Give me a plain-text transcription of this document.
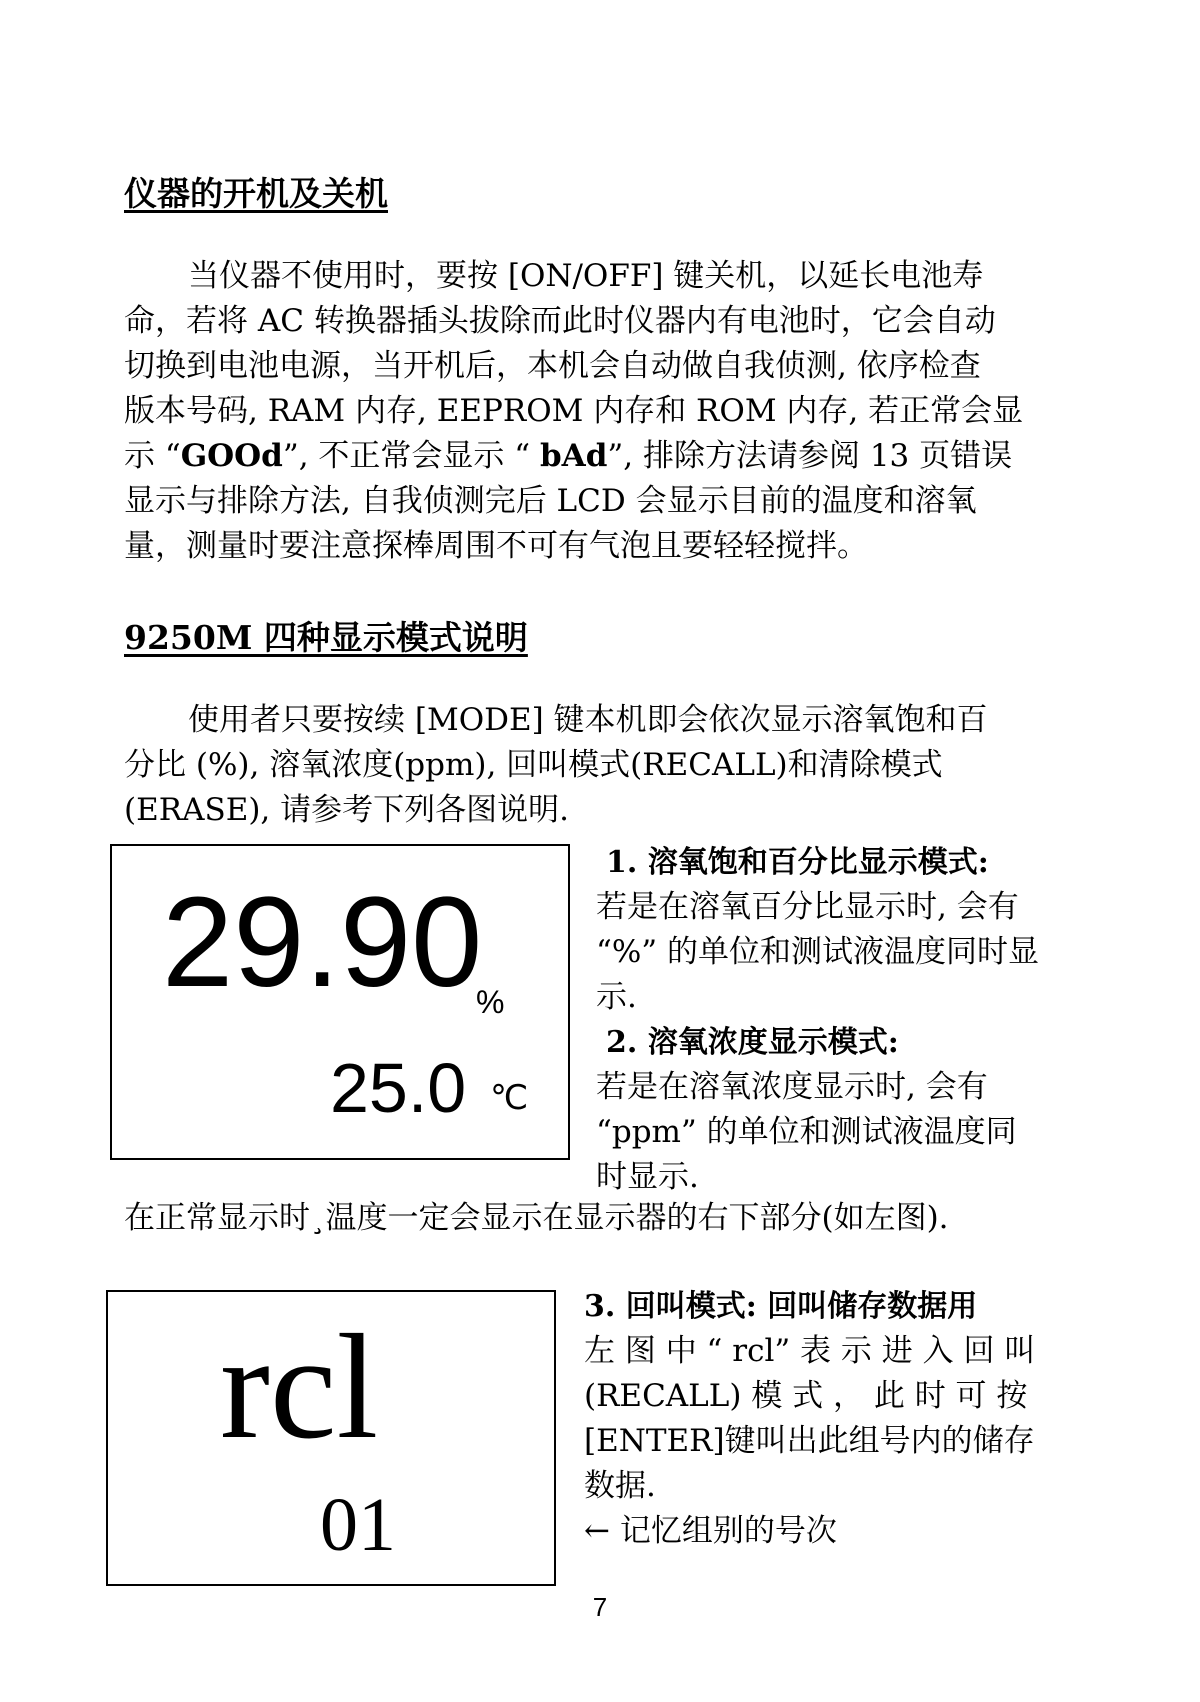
仪器的开机及关机
当仪器不使用时，要按 [ON/OFF] 键关机，以延长电池寿
命，若将 AC 转换器插头拔除而此时仪器内有电池时，它会自动
切换到电池电源，当开机后，本机会自动做自我侦测, 依序检查
版本号码, RAM 内存, EEPROM 内存和 ROM 内存, 若正常会显
示 “GOOd”, 不正常会显示 “ bAd”, 排除方法请参阅 13 页错误
显示与排除方法, 自我侦测完后 LCD 会显示目前的温度和溶氧
量，测量时要注意探棒周围不可有气泡且要轻轻搅拌。
9250M 四种显示模式说明
使用者只要按续 [MODE] 键本机即会依次显示溶氧饱和百
分比 (%), 溶氧浓度(ppm), 回叫模式(RECALL)和清除模式
(ERASE), 请参考下列各图说明.
29.90
%
25.0 ℃
1. 溶氧饱和百分比显示模式:
若是在溶氧百分比显示时, 会有
“%” 的单位和测试液温度同时显
示.
2. 溶氧浓度显示模式:
若是在溶氧浓度显示时, 会有
“ppm” 的单位和测试液温度同
时显示.

在正常显示时¸温度一定会显示在显示器的右下部分(如左图).

rcl
01
3. 回叫模式: 回叫储存数据用
左 图 中 “ rcl” 表 示 进 入 回 叫
(RECALL) 模 式 ， 此 时 可 按
[ENTER]键叫出此组号内的储存
数据.
← 记忆组别的号次
7
